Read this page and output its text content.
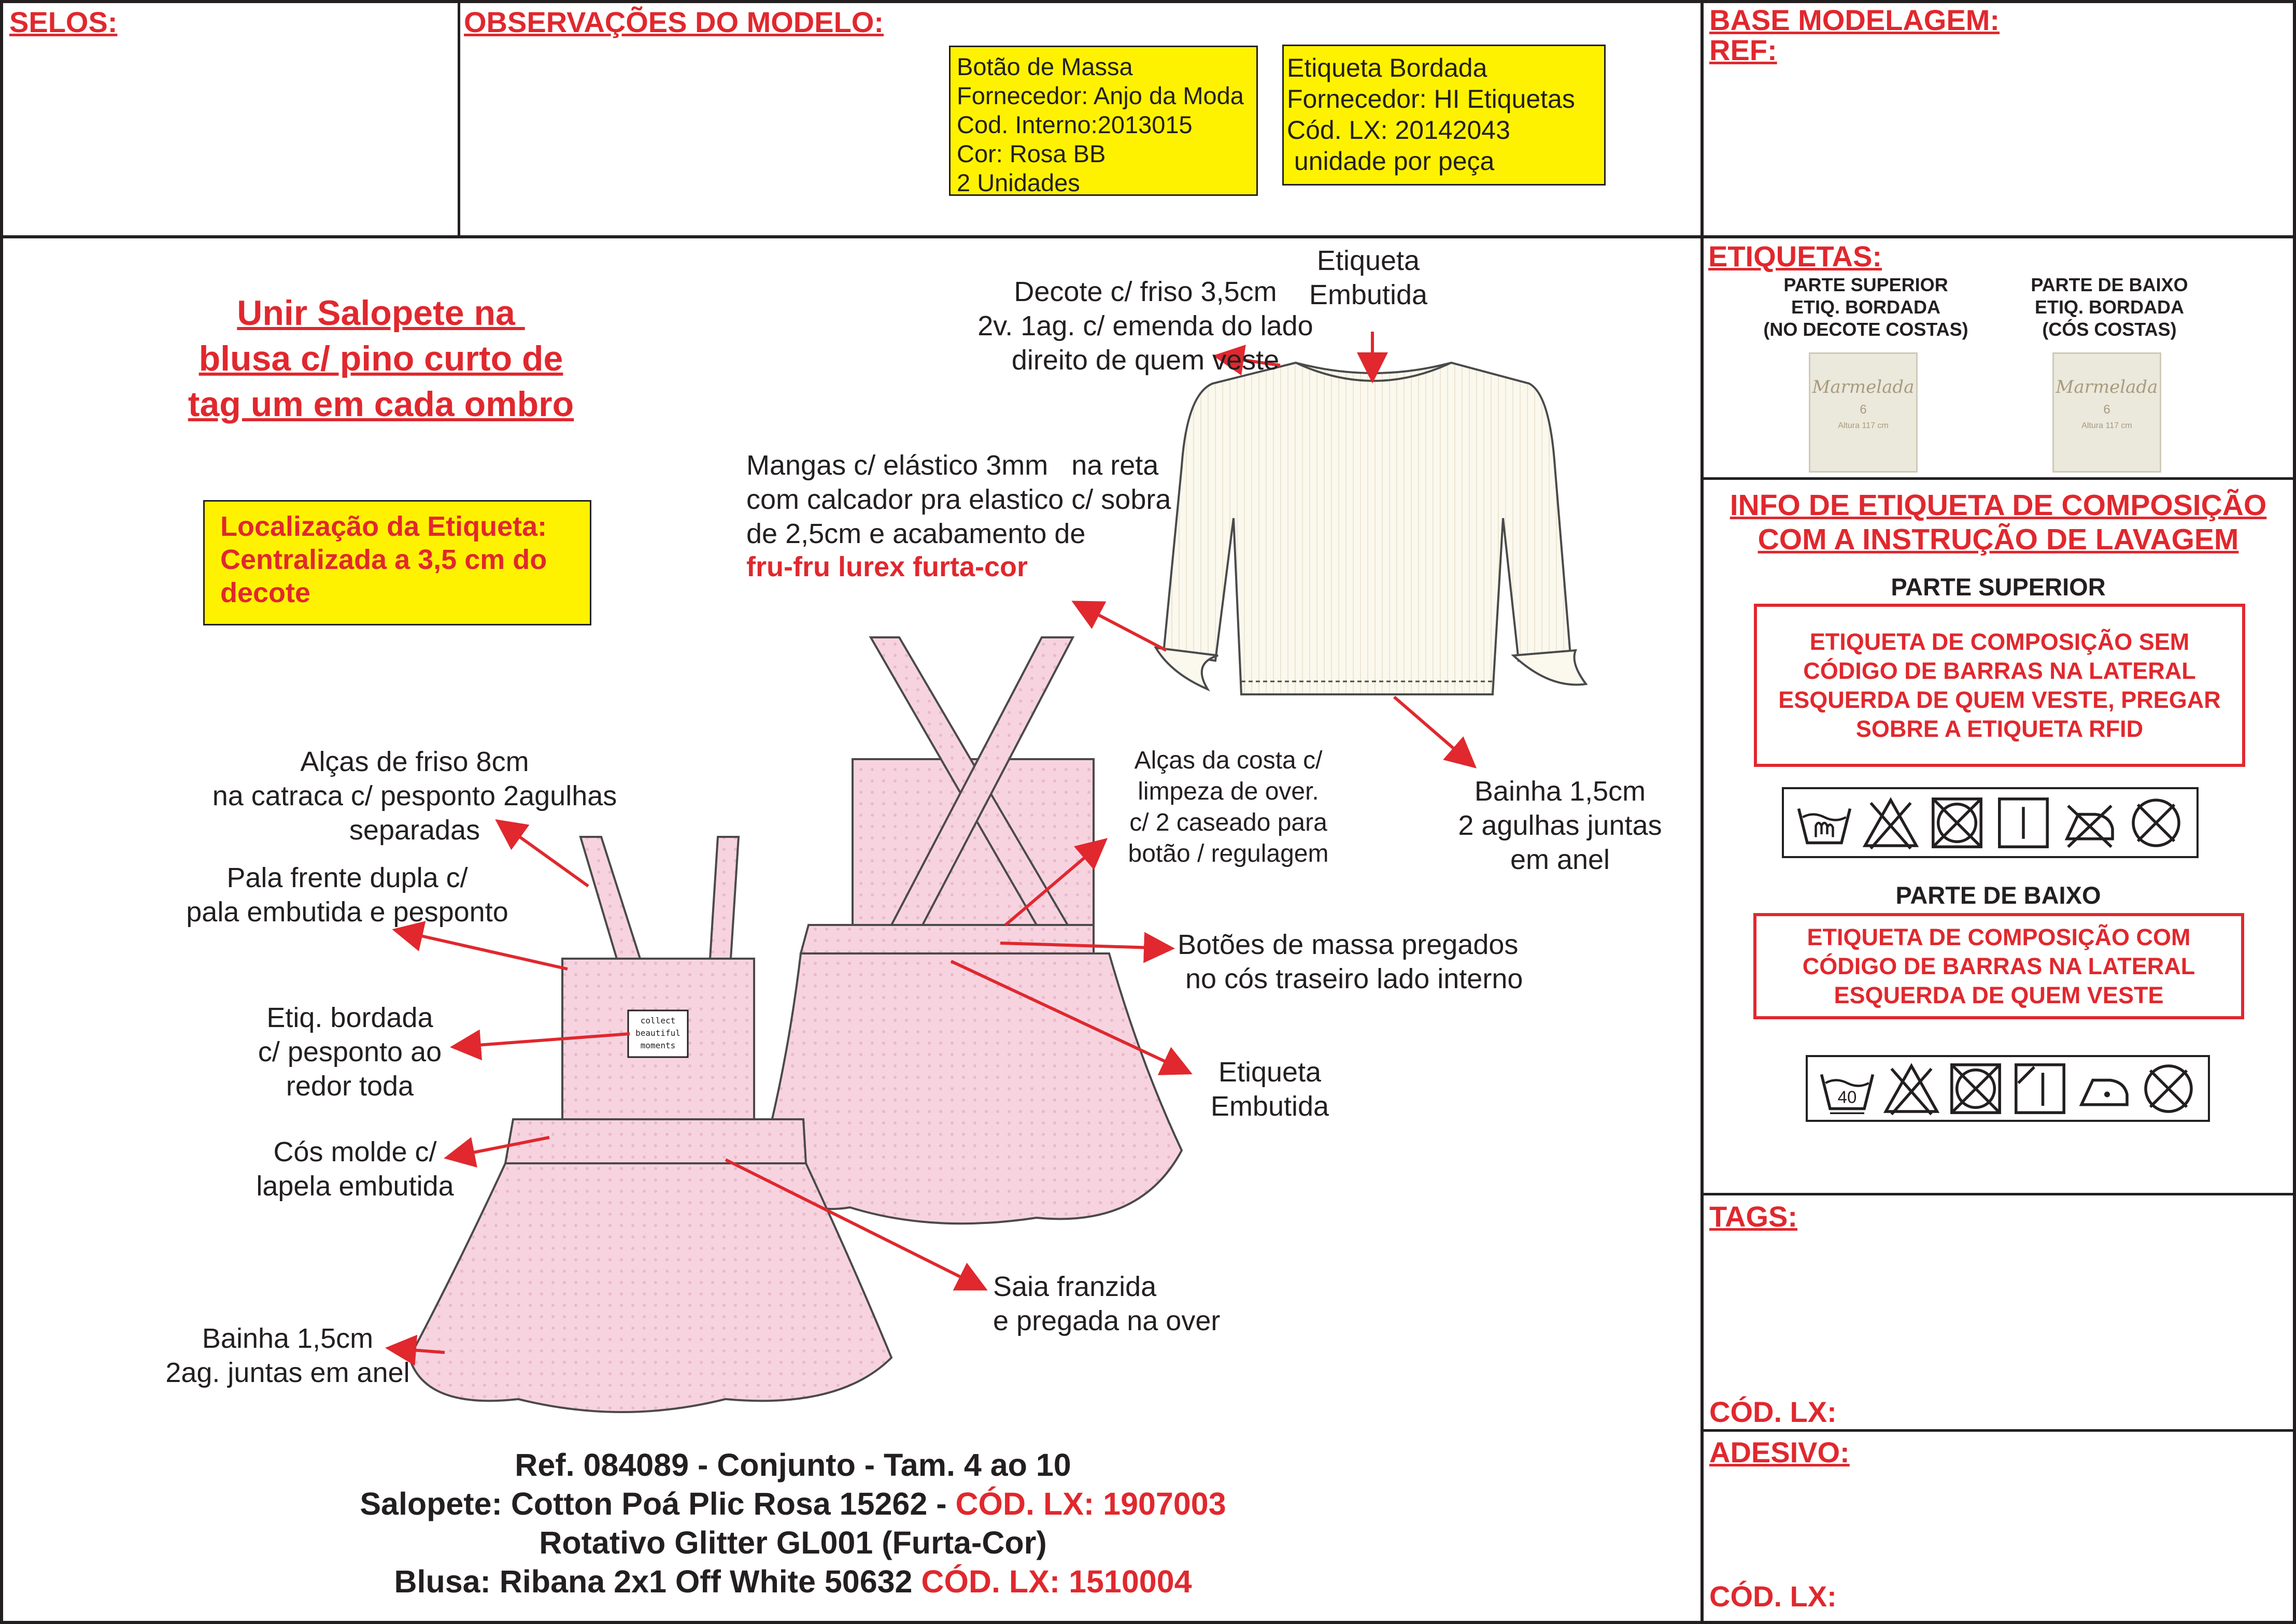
SELOS:	OBSERVAÇÕES DO MODELO:	BASE MODELAGEM:
REF:
Botão de Massa
Fornecedor: Anjo da Moda
Cod. Interno:2013015
Cor: Rosa BB
2 Unidades
Etiqueta Bordada
Fornecedor: HI Etiquetas
Cód. LX: 20142043
unidade por peça
Unir Salopete na
blusa c/ pino curto de
tag um em cada ombro
Localização da Etiqueta:
Centralizada a 3,5 cm do
decote
collect
beautiful
moments
Decote c/ friso 3,5cm
2v. 1ag. c/ emenda do lado
direito de quem veste
Etiqueta
Embutida
Mangas c/ elástico 3mm   na reta
com calcador pra elastico c/ sobra
de 2,5cm e acabamento de
fru-fru lurex furta-cor
Bainha 1,5cm
2 agulhas juntas
em anel
Alças de friso 8cm
na catraca c/ pesponto 2agulhas
separadas
Pala frente dupla c/
pala embutida e pesponto
Etiq. bordada
c/ pesponto ao
redor toda
Cós molde c/
lapela embutida
Bainha 1,5cm
2ag. juntas em anel
Alças da costa c/
limpeza de over.
c/ 2 caseado para
botão / regulagem
Botões de massa pregados
no cós traseiro lado interno
Etiqueta
Embutida
Saia franzida
e pregada na over
Ref. 084089 - Conjunto - Tam. 4 ao 10
Salopete: Cotton Poá Plic Rosa 15262 - CÓD. LX: 1907003
Rotativo Glitter GL001 (Furta-Cor)
Blusa: Ribana 2x1 Off White 50632 CÓD. LX: 1510004
ETIQUETAS:
PARTE SUPERIOR
ETIQ. BORDADA
(NO DECOTE COSTAS)
PARTE DE BAIXO
ETIQ. BORDADA
(CÓS COSTAS)
Marmelada
6
Altura 117 cm
Marmelada
6
Altura 117 cm
INFO DE ETIQUETA DE COMPOSIÇÃO
COM A INSTRUÇÃO DE LAVAGEM
PARTE SUPERIOR
ETIQUETA DE COMPOSIÇÃO SEM
CÓDIGO DE BARRAS NA LATERAL
ESQUERDA DE QUEM VESTE, PREGAR
SOBRE A ETIQUETA RFID
PARTE DE BAIXO
ETIQUETA DE COMPOSIÇÃO COM
CÓDIGO DE BARRAS NA LATERAL
ESQUERDA DE QUEM VESTE
40
TAGS:
CÓD. LX:
ADESIVO:
CÓD. LX:
